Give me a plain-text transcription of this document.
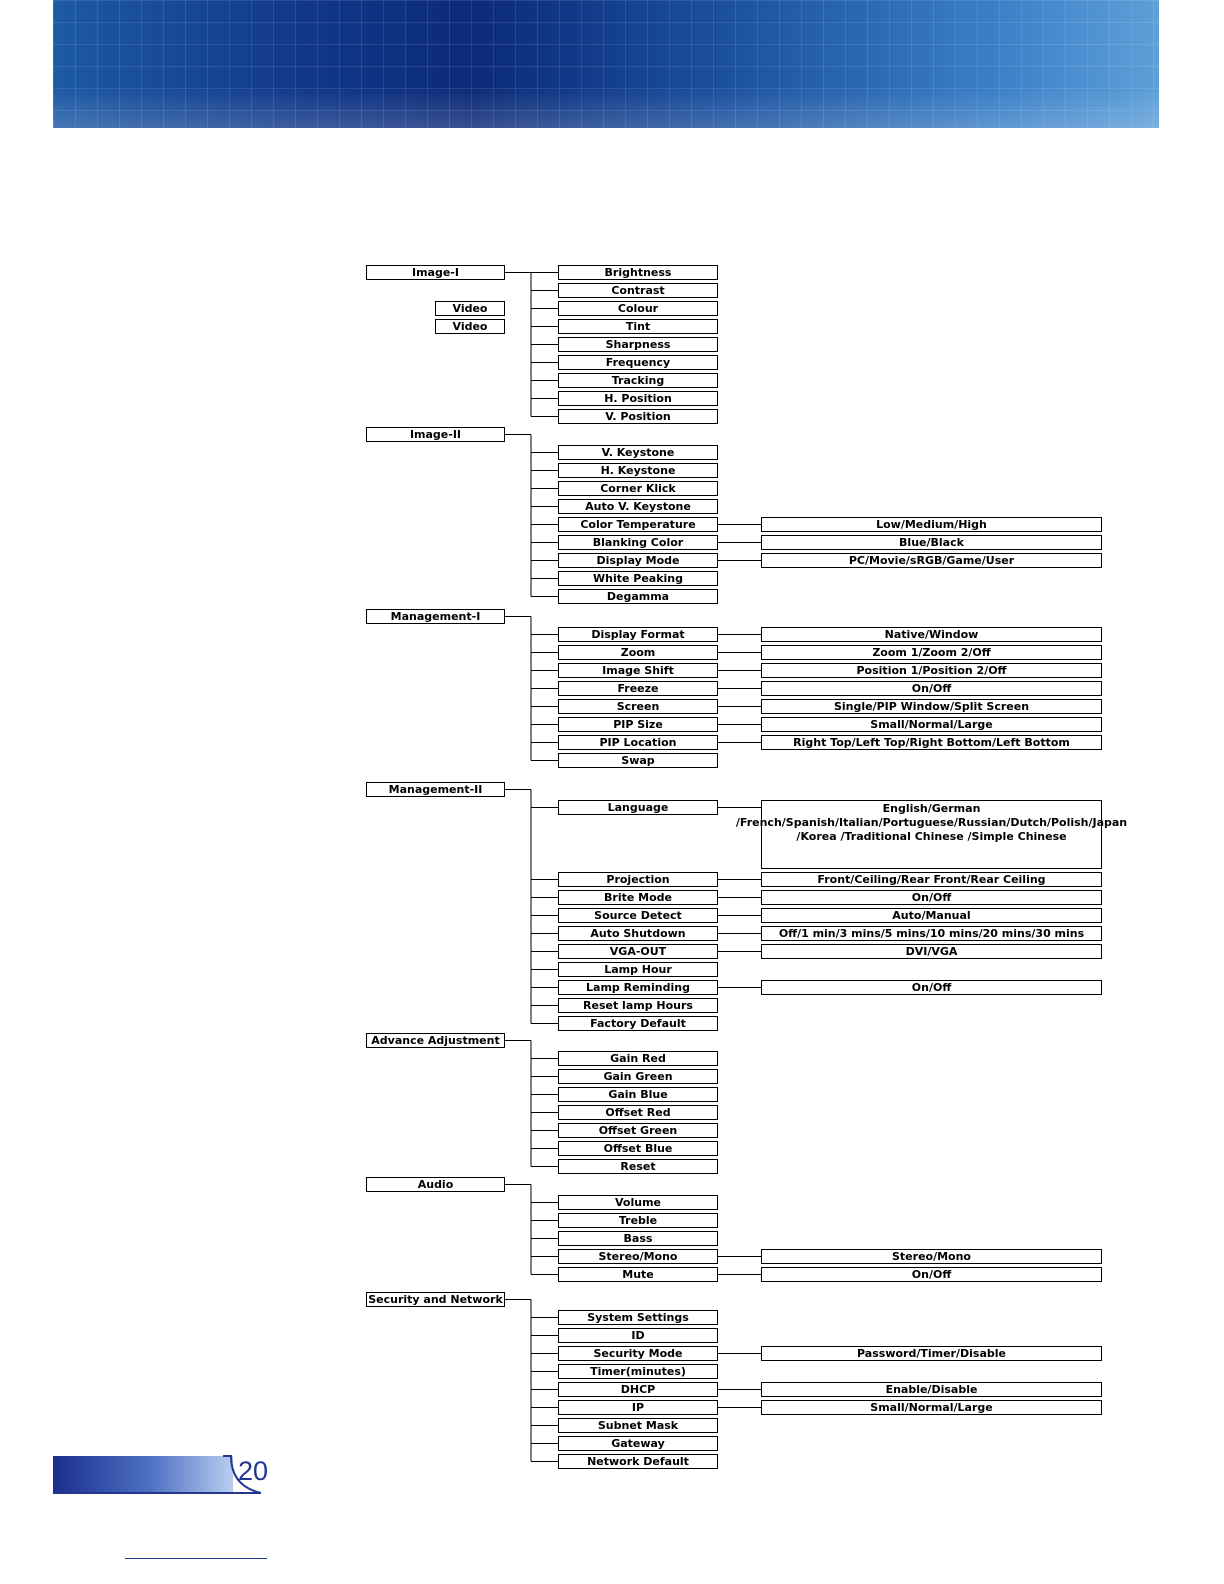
Image-I
Video
Video
Brightness
Contrast
Colour
Tint
Sharpness
Frequency
Tracking
H. Position
V. Position
Image-II
V. Keystone
H. Keystone
Corner Klick
Auto V. Keystone
Color Temperature	Low/Medium/High
Blanking Color	Blue/Black
Display Mode	PC/Movie/sRGB/Game/User
White Peaking
Degamma
Management-I
Display Format	Native/Window
Zoom	Zoom 1/Zoom 2/Off
Image Shift	Position 1/Position 2/Off
Freeze	On/Off
Screen	Single/PIP Window/Split Screen
PIP Size	Small/Normal/Large
PIP Location	Right Top/Left Top/Right Bottom/Left Bottom
Swap
Management-II
Language	English/German /French/Spanish/Italian/Portuguese/Russian/Dutch/Polish/Japan /Korea /Traditional Chinese /Simple Chinese
Projection	Front/Ceiling/Rear Front/Rear Ceiling
Brite Mode	On/Off
Source Detect	Auto/Manual
Auto Shutdown	Off/1 min/3 mins/5 mins/10 mins/20 mins/30 mins
VGA-OUT	DVI/VGA
Lamp Hour
Lamp Reminding	On/Off
Reset lamp Hours
Factory Default
Advance Adjustment
Gain Red
Gain Green
Gain Blue
Offset Red
Offset Green
Offset Blue
Reset
Audio
Volume
Treble
Bass
Stereo/Mono	Stereo/Mono
Mute	On/Off
Security and Network
System Settings
ID
Security Mode	Password/Timer/Disable
Timer(minutes)
DHCP	Enable/Disable
IP	Small/Normal/Large
Subnet Mask
Gateway
Network Default
20
